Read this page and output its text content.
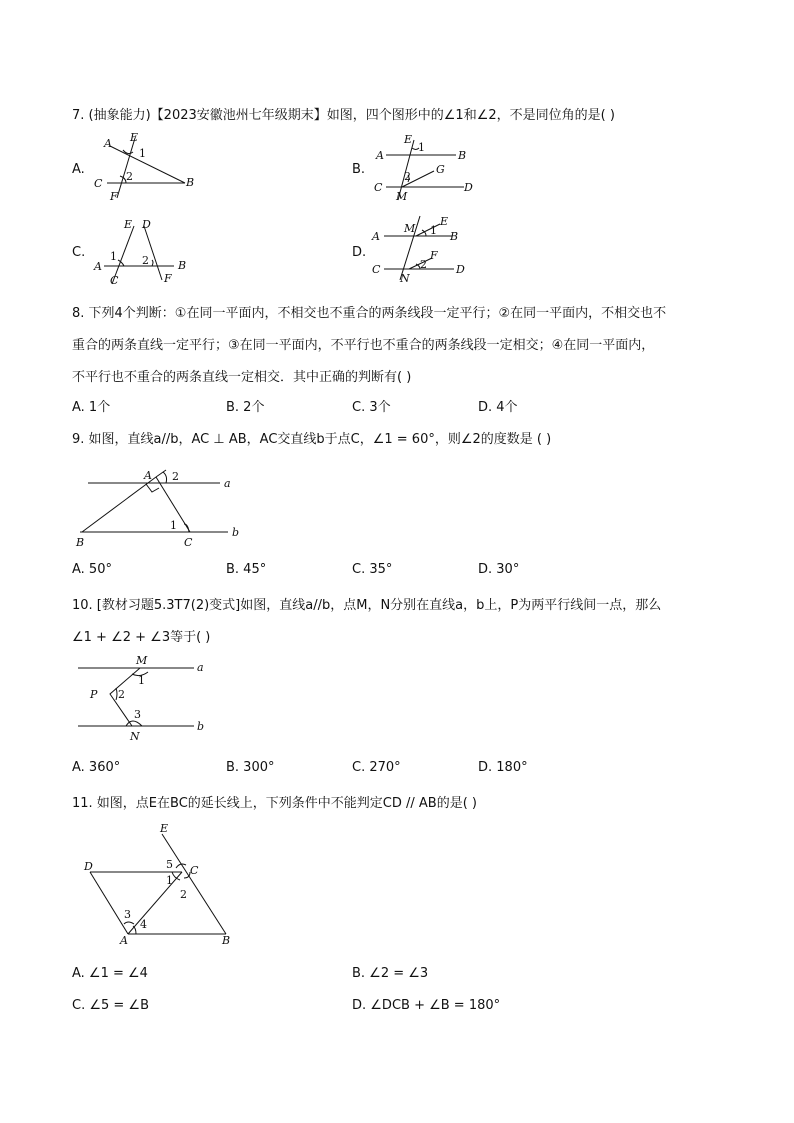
7. (抽象能力)【2023安徽池州七年级期末】如图，四个图形中的∠1和∠2，不是同位角的是( )
A.
A E
1
C
2	B
F
B.
A
E
1
B
G
C
2
M
D
C.
E D
A
1 2	B
C	F
D.
M
E
A	1 B
F
2
C
N
D
8. 下列4个判断：①在同一平面内，不相交也不重合的两条线段一定平行；②在同一平面内，不相交也不
重合的两条直线一定平行；③在同一平面内，不平行也不重合的两条线段一定相交；④在同一平面内，
不平行也不重合的两条直线一定相交．其中正确的判断有( )
A. 1个	B. 2个	C. 3个	D. 4个
9. 如图，直线a//b，AC ⊥ AB，AC交直线b于点C，∠1 = 60°，则∠2的度数是 ( )
A 2
a
1
b
B	C
A. 50°	B. 45°	C. 35°	D. 30°
10. [教材习题5.3T7(2)变式]如图，直线a//b，点M，N分别在直线a，b上，P为两平行线间一点，那么
∠1 + ∠2 + ∠3等于( )
M
a
1
P 2
3
b
N
A. 360°	B. 300°	C. 270°	D. 180°
11. 如图，点E在BC的延长线上，下列条件中不能判定CD // AB的是( )
E
D	5 C
1
2
3
4
A	B
A. ∠1 = ∠4	B. ∠2 = ∠3
C. ∠5 = ∠B	D. ∠DCB + ∠B = 180°
